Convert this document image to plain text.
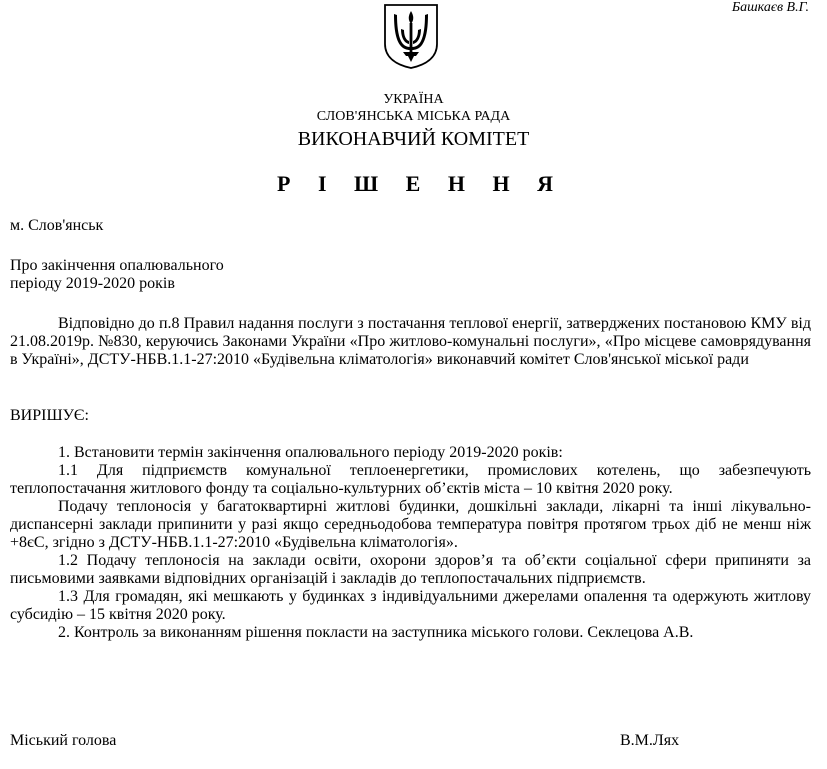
Башкаєв В.Г.
УКРАЇНА
СЛОВ'ЯНСЬКА МІСЬКА РАДА
ВИКОНАВЧИЙ КОМІТЕТ
Р І Ш Е Н Н Я
м. Слов'янськ
Про закінчення опалювального
періоду 2019-2020 років

Відповідно до п.8 Правил надання послуги з постачання теплової енергії, затверджених постановою КМУ від 21.08.2019р. №830, керуючись Законами України «Про житлово-комунальні послуги», «Про місцеве самоврядування в Україні», ДСТУ-НБВ.1.1-27:2010 «Будівельна кліматологія» виконавчий комітет Слов'янської міської ради

ВИРІШУЄ:

1. Встановити термін закінчення опалювального періоду 2019-2020 років:

1.1 Для підприємств комунальної теплоенергетики, промислових котелень, що забезпечують теплопостачання житлового фонду та соціально-культурних об’єктів міста – 10 квітня 2020 року.

Подачу теплоносія у багатоквартирні житлові будинки, дошкільні заклади, лікарні та інші лікувально-диспансерні заклади припинити у разі якщо середньодобова температура повітря протягом трьох діб не менш ніж +8єС, згідно з ДСТУ-НБВ.1.1-27:2010 «Будівельна кліматологія».

1.2 Подачу теплоносія на заклади освіти, охорони здоров’я та об’єкти соціальної сфери припиняти за письмовими заявками відповідних організацій і закладів до теплопостачальних підприємств.

1.3 Для громадян, які мешкають у будинках з індивідуальними джерелами опалення та одержують житлову субсидію – 15 квітня 2020 року.

2. Контроль за виконанням рішення покласти на заступника міського голови. Секлецова А.В.

Міський голова	В.М.Лях
